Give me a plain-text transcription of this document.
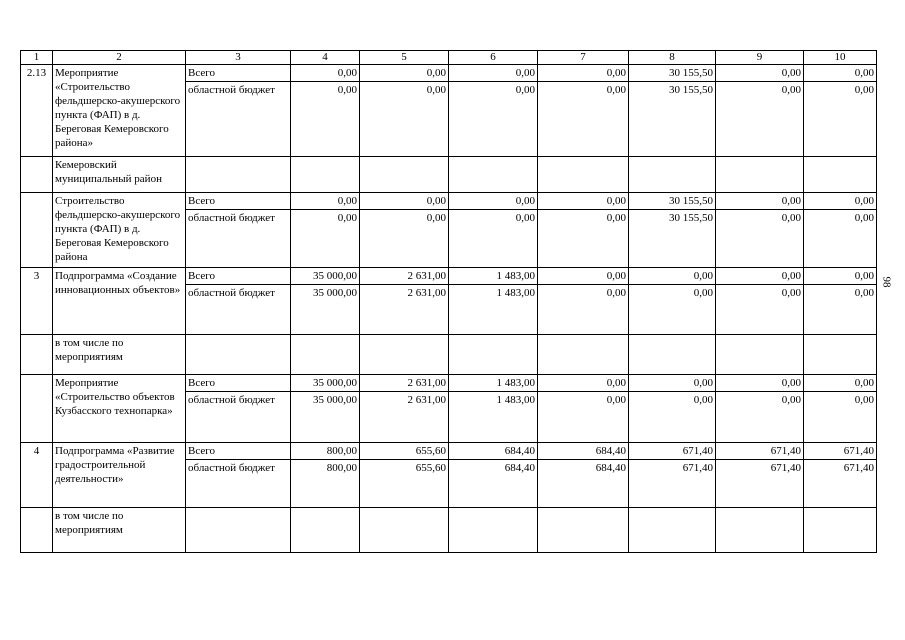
1	2	3	4	5	6	7	8	9	10
2.13	Мероприятие «Строительство фельдшерско-акушерского пункта (ФАП) в д. Береговая Кемеровского района»	Всего	0,00	0,00	0,00	0,00	30 155,50	0,00	0,00
		областной бюджет	0,00	0,00	0,00	0,00	30 155,50	0,00	0,00
	Кемеровский муниципальный район								
	Строительство фельдшерско-акушерского пункта (ФАП) в д. Береговая Кемеровского района	Всего	0,00	0,00	0,00	0,00	30 155,50	0,00	0,00
		областной бюджет	0,00	0,00	0,00	0,00	30 155,50	0,00	0,00
3	Подпрограмма «Создание инновационных объектов»	Всего	35 000,00	2 631,00	1 483,00	0,00	0,00	0,00	0,00
		областной бюджет	35 000,00	2 631,00	1 483,00	0,00	0,00	0,00	0,00
	в том числе по мероприятиям								
	Мероприятие «Строительство объектов Кузбасского технопарка»	Всего	35 000,00	2 631,00	1 483,00	0,00	0,00	0,00	0,00
		областной бюджет	35 000,00	2 631,00	1 483,00	0,00	0,00	0,00	0,00
4	Подпрограмма «Развитие градостроительной деятельности»	Всего	800,00	655,60	684,40	684,40	671,40	671,40	671,40
		областной бюджет	800,00	655,60	684,40	684,40	671,40	671,40	671,40
	в том числе по мероприятиям								
98
